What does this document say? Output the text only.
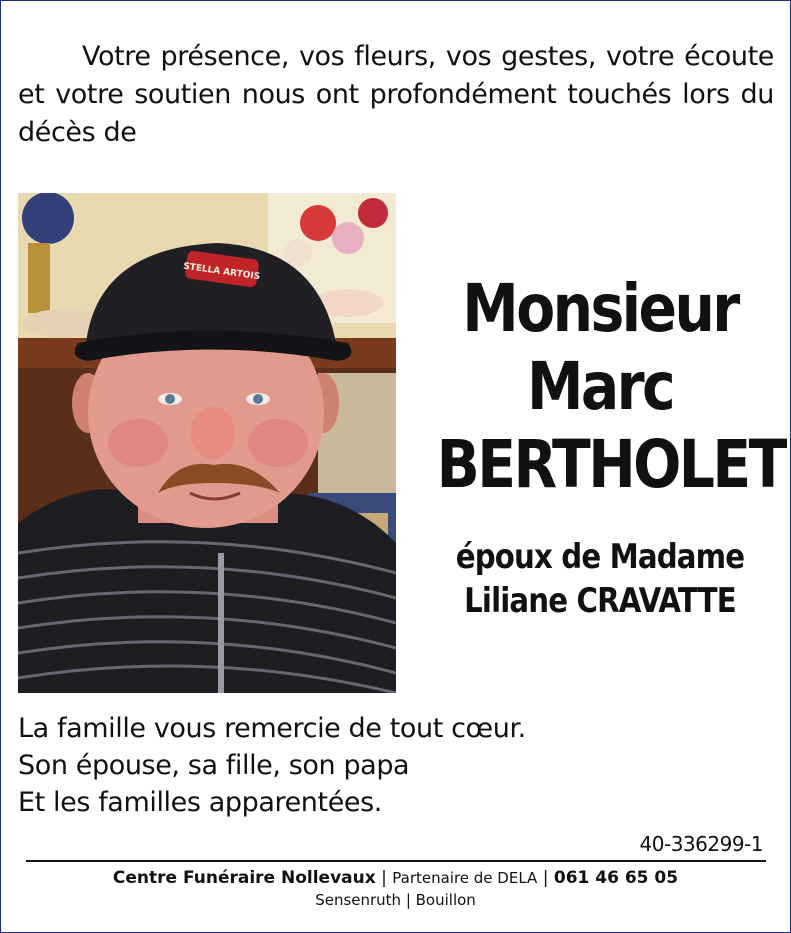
Votre présence, vos fleurs, vos gestes, votre écoute et votre soutien nous ont profondément touchés lors du décès de
STELLA ARTOIS	Monsieur
Marc
BERTHOLET
époux de Madame
Liliane CRAVATTE
La famille vous remercie de tout cœur.
Son épouse, sa fille, son papa
Et les familles apparentées.
40-336299-1
Centre Funéraire Nollevaux | Partenaire de DELA | 061 46 65 05
Sensenruth | Bouillon
